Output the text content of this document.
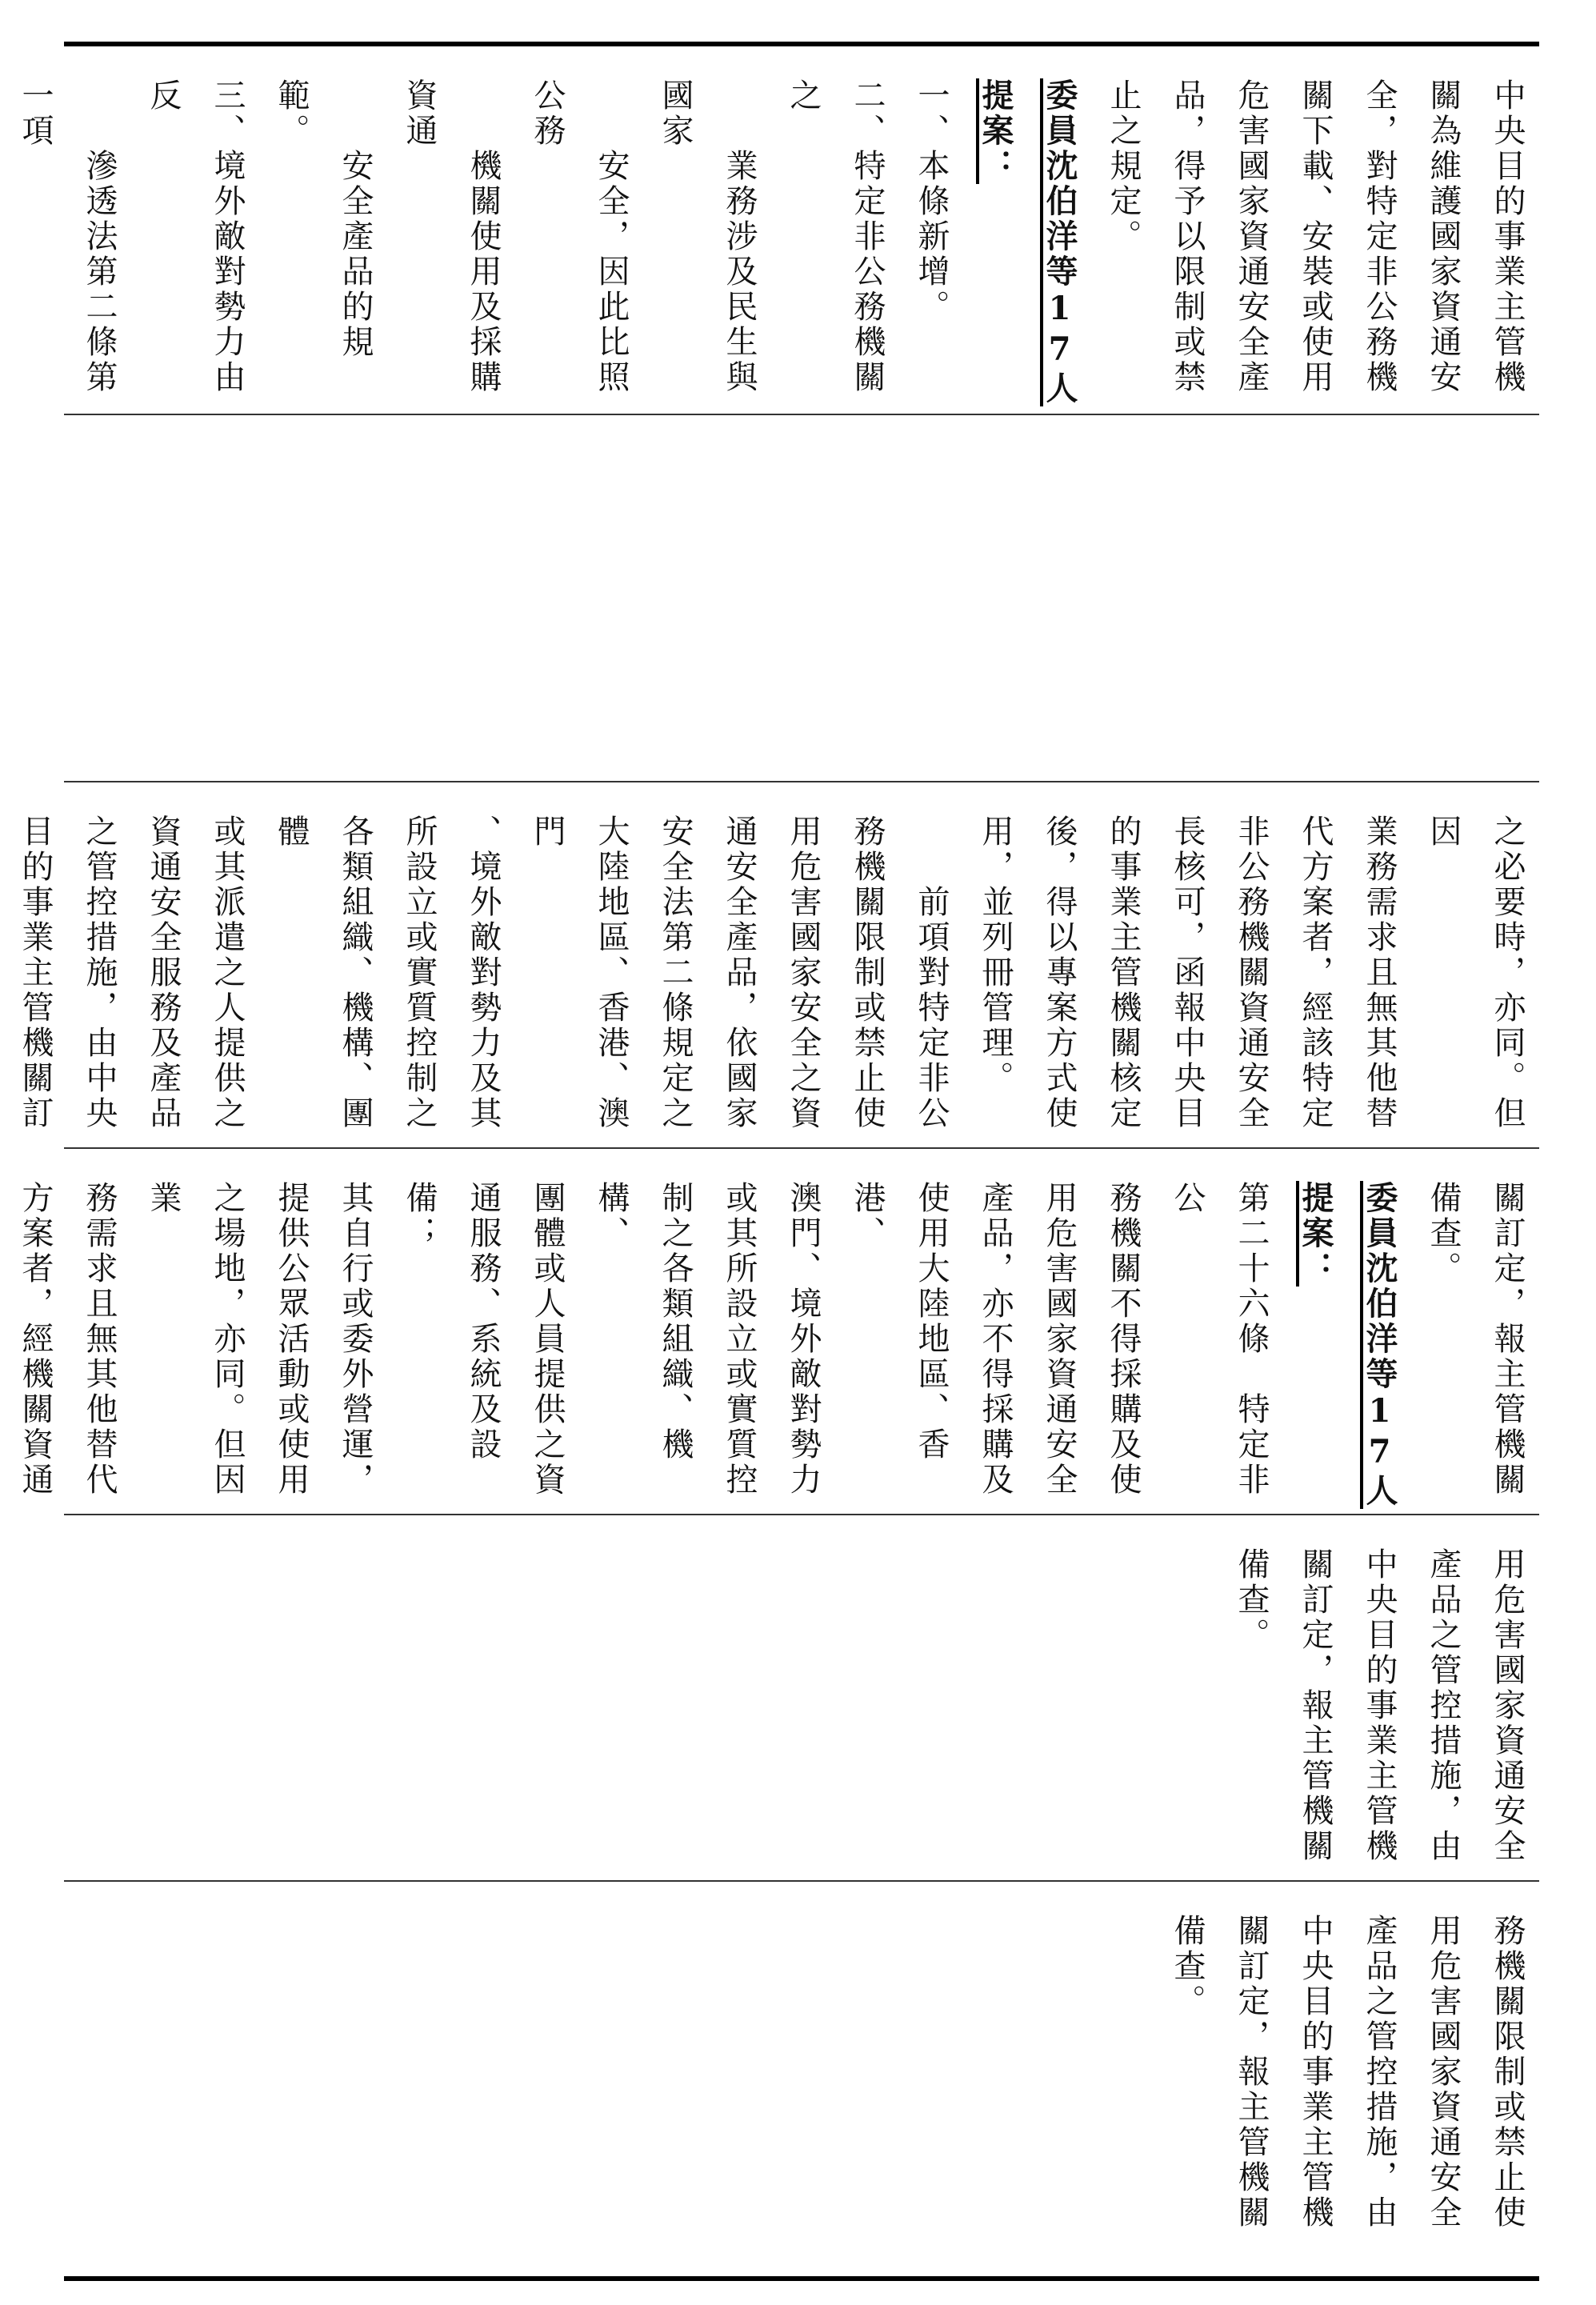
中央目的事業主管機

關為維護國家資通安

全，對特定非公務機

關下載、安裝或使用

危害國家資通安全產

品，得予以限制或禁

止之規定。

委員沈伯洋等17人提案：

一、本條新增。

二、特定非公務機關之

　　業務涉及民生與國家

　　安全，因此比照公務

　　機關使用及採購資通

　　安全產品的規範。

三、境外敵對勢力由反

　　滲透法第二條第一項

之必要時，亦同。但因

業務需求且無其他替

代方案者，經該特定

非公務機關資通安全

長核可，函報中央目

的事業主管機關核定

後，得以專案方式使

用，並列冊管理。

　　前項對特定非公

務機關限制或禁止使

用危害國家安全之資

通安全產品，依國家

安全法第二條規定之

大陸地區、香港、澳門

、境外敵對勢力及其

所設立或實質控制之

各類組織、機構、團體

或其派遣之人提供之

資通安全服務及產品

之管控措施，由中央

目的事業主管機關訂

關訂定，報主管機關

備查。

委員沈伯洋等17人提案：

第二十六條　特定非公

務機關不得採購及使

用危害國家資通安全

產品，亦不得採購及

使用大陸地區、香港、

澳門、境外敵對勢力

或其所設立或實質控

制之各類組織、機構、

團體或人員提供之資

通服務、系統及設備；

其自行或委外營運，

提供公眾活動或使用

之場地，亦同。但因業

務需求且無其他替代

方案者，經機關資通

用危害國家資通安全

產品之管控措施，由

中央目的事業主管機

關訂定，報主管機關

備查。

務機關限制或禁止使

用危害國家資通安全

產品之管控措施，由

中央目的事業主管機

關訂定，報主管機關

備查。
